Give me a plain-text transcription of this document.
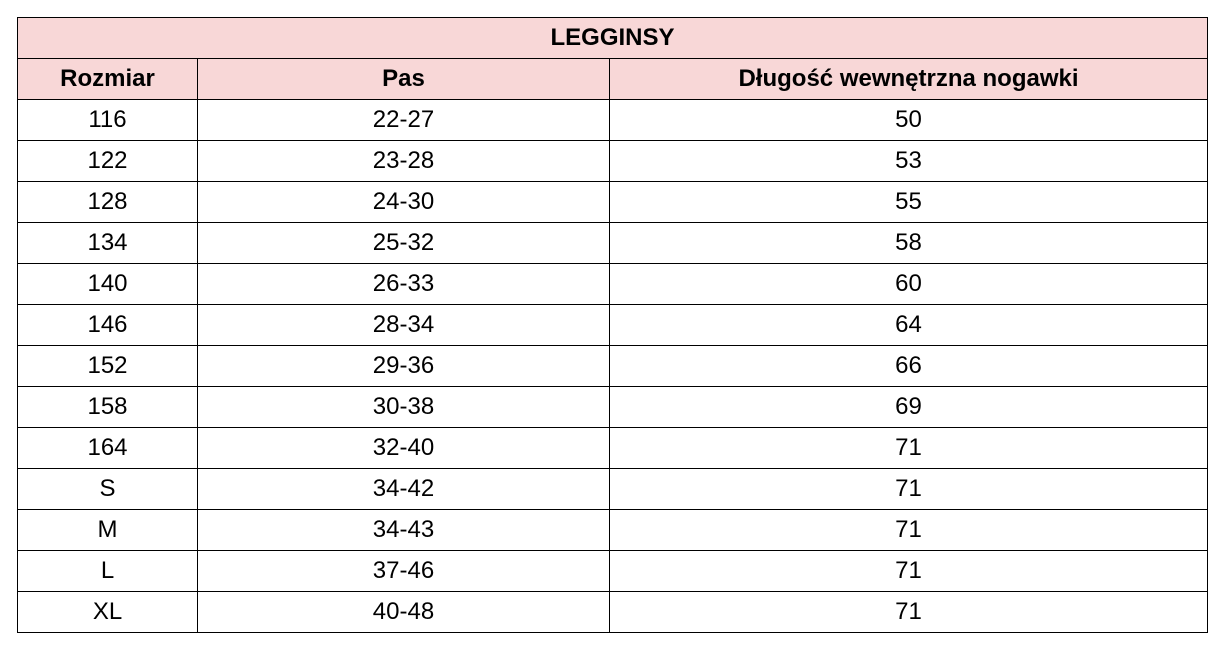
LEGGINSY		
Rozmiar	Pas	Długość wewnętrzna nogawki
116	22-27	50
122	23-28	53
128	24-30	55
134	25-32	58
140	26-33	60
146	28-34	64
152	29-36	66
158	30-38	69
164	32-40	71
S	34-42	71
M	34-43	71
L	37-46	71
XL	40-48	71
